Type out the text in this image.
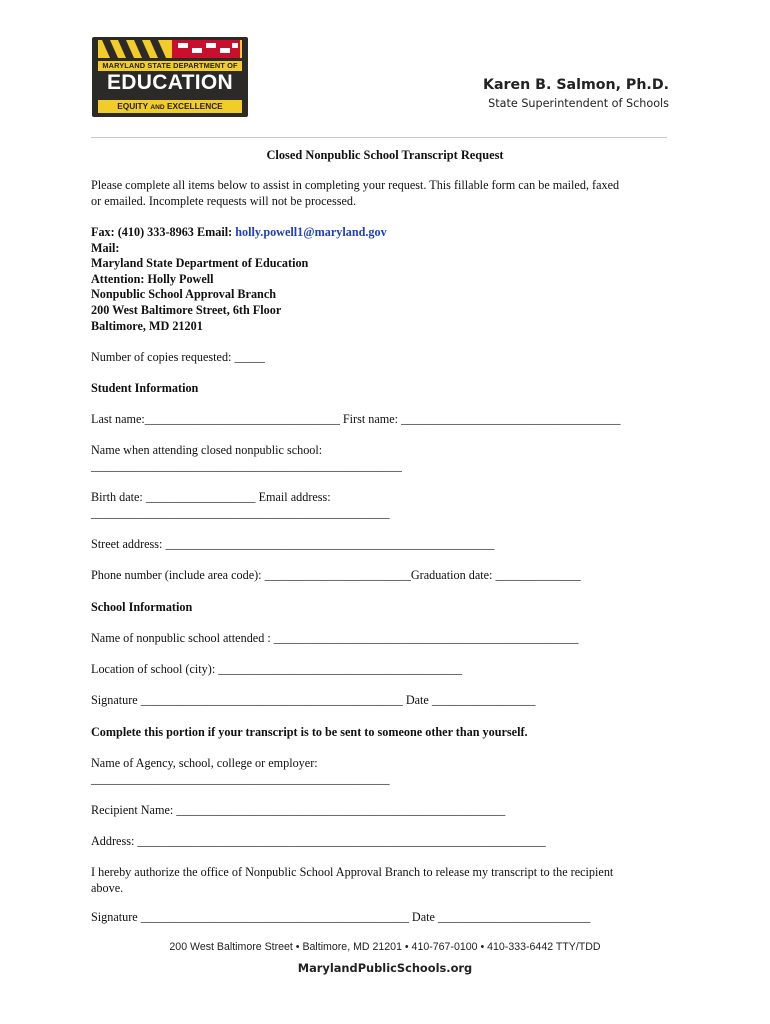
MARYLAND STATE DEPARTMENT OF
EDUCATION
EQUITY AND EXCELLENCE
Karen B. Salmon, Ph.D.
State Superintendent of Schools
Closed Nonpublic School Transcript Request
Please complete all items below to assist in completing your request. This fillable form can be mailed, faxed
or emailed. Incomplete requests will not be processed.
Fax: (410) 333-8963 Email: holly.powell1@maryland.gov
Mail:
Maryland State Department of Education
Attention: Holly Powell
Nonpublic School Approval Branch
200 West Baltimore Street, 6th Floor
Baltimore, MD 21201
Number of copies requested: _____
Student Information
Last name:________________________________ First name: ____________________________________
Name when attending closed nonpublic school:
___________________________________________________
Birth date: __________________ Email address:
_________________________________________________
Street address: ______________________________________________________
Phone number (include area code): ________________________Graduation date: ______________
School Information
Name of nonpublic school attended : __________________________________________________
Location of school (city): ________________________________________
Signature ___________________________________________ Date _________________
Complete this portion if your transcript is to be sent to someone other than yourself.
Name of Agency, school, college or employer:
_________________________________________________
Recipient Name: ______________________________________________________
Address: ___________________________________________________________________
I hereby authorize the office of Nonpublic School Approval Branch to release my transcript to the recipient
above.
Signature ____________________________________________ Date _________________________
200 West Baltimore Street • Baltimore, MD 21201 • 410-767-0100 • 410-333-6442 TTY/TDD
MarylandPublicSchools.org
